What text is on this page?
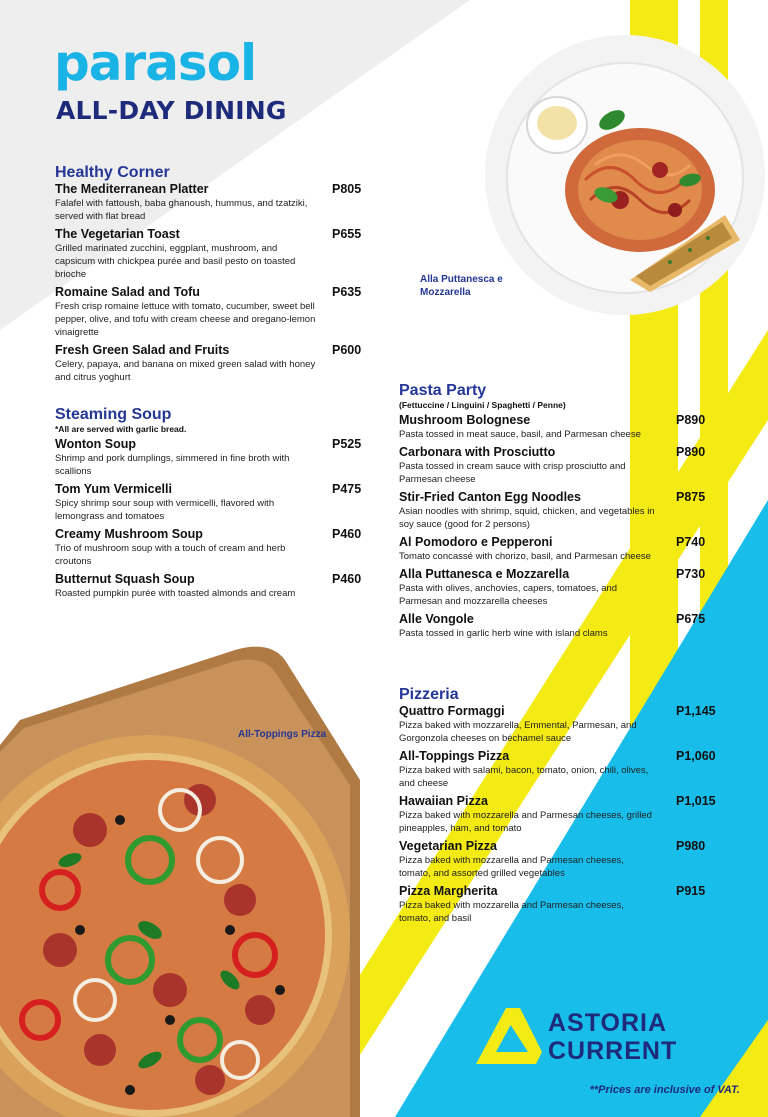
parasol
ALL-DAY DINING
Healthy Corner
The Mediterranean Platter	P805
Falafel with fattoush, baba ghanoush, hummus, and tzatziki, served with flat bread
The Vegetarian Toast	P655
Grilled marinated zucchini, eggplant, mushroom, and capsicum with chickpea purée and basil pesto on toasted brioche
Romaine Salad and Tofu	P635
Fresh crisp romaine lettuce with tomato, cucumber, sweet bell pepper, olive, and tofu with cream cheese and oregano-lemon vinaigrette
Fresh Green Salad and Fruits	P600
Celery, papaya, and banana on mixed green salad with honey and citrus yoghurt
Steaming Soup
*All are served with garlic bread.
Wonton Soup	P525
Shrimp and pork dumplings, simmered in fine broth with scallions
Tom Yum Vermicelli	P475
Spicy shrimp sour soup with vermicelli, flavored with lemongrass and tomatoes
Creamy Mushroom Soup	P460
Trio of mushroom soup with a touch of cream and herb croutons
Butternut Squash Soup	P460
Roasted pumpkin purée with toasted almonds and cream
Pasta Party
(Fettuccine / Linguini / Spaghetti / Penne)
Mushroom Bolognese	P890
Pasta tossed in meat sauce, basil, and Parmesan cheese
Carbonara with Prosciutto	P890
Pasta tossed in cream sauce with crisp prosciutto and Parmesan cheese
Stir-Fried Canton Egg Noodles	P875
Asian noodles with shrimp, squid, chicken, and vegetables in soy sauce (good for 2 persons)
Al Pomodoro e Pepperoni	P740
Tomato concassé with chorizo, basil, and Parmesan cheese
Alla Puttanesca e Mozzarella	P730
Pasta with olives, anchovies, capers, tomatoes, and Parmesan and mozzarella cheeses
Alle Vongole	P675
Pasta tossed in garlic herb wine with island clams
Pizzeria
Quattro Formaggi	P1,145
Pizza baked with mozzarella, Emmental, Parmesan, and Gorgonzola cheeses on béchamel sauce
All-Toppings Pizza	P1,060
Pizza baked with salami, bacon, tomato, onion, chili, olives, and cheese
Hawaiian Pizza	P1,015
Pizza baked with mozzarella and Parmesan cheeses, grilled pineapples, ham, and tomato
Vegetarian Pizza	P980
Pizza baked with mozzarella and Parmesan cheeses, tomato, and assorted grilled vegetables
Pizza Margherita	P915
Pizza baked with mozzarella and Parmesan cheeses, tomato, and basil
Alla Puttanesca e Mozzarella
All-Toppings Pizza
ASTORIA
CURRENT
**Prices are inclusive of VAT.
